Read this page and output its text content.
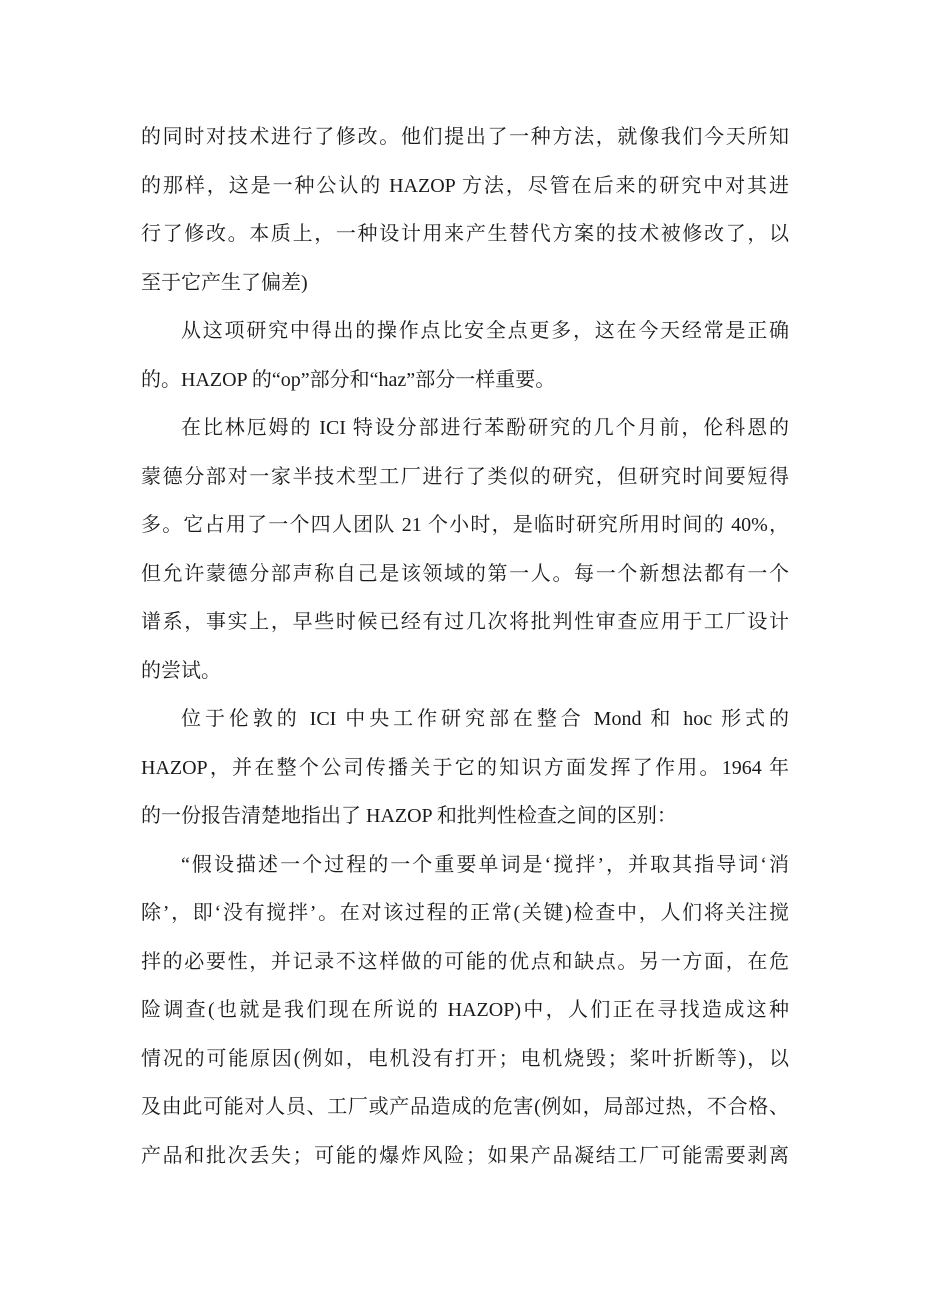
的同时对技术进行了修改。他们提出了一种方法，就像我们今天所知
的那样，这是一种公认的 HAZOP 方法，尽管在后来的研究中对其进
行了修改。本质上，一种设计用来产生替代方案的技术被修改了，以
至于它产生了偏差)
从这项研究中得出的操作点比安全点更多，这在今天经常是正确
的。HAZOP 的“op”部分和“haz”部分一样重要。
在比林厄姆的 ICI 特设分部进行苯酚研究的几个月前，伦科恩的
蒙德分部对一家半技术型工厂进行了类似的研究，但研究时间要短得
多。它占用了一个四人团队 21 个小时，是临时研究所用时间的 40%，
但允许蒙德分部声称自己是该领域的第一人。每一个新想法都有一个
谱系，事实上，早些时候已经有过几次将批判性审查应用于工厂设计
的尝试。
位于伦敦的 ICI 中央工作研究部在整合 Mond 和 hoc 形式的
HAZOP，并在整个公司传播关于它的知识方面发挥了作用。1964 年
的一份报告清楚地指出了 HAZOP 和批判性检查之间的区别：
“假设描述一个过程的一个重要单词是‘搅拌’，并取其指导词‘消
除’，即‘没有搅拌’。在对该过程的正常(关键)检查中，人们将关注搅
拌的必要性，并记录不这样做的可能的优点和缺点。另一方面，在危
险调查(也就是我们现在所说的 HAZOP)中，人们正在寻找造成这种
情况的可能原因(例如，电机没有打开；电机烧毁；桨叶折断等)，以
及由此可能对人员、工厂或产品造成的危害(例如，局部过热，不合格、
产品和批次丢失；可能的爆炸风险；如果产品凝结工厂可能需要剥离
